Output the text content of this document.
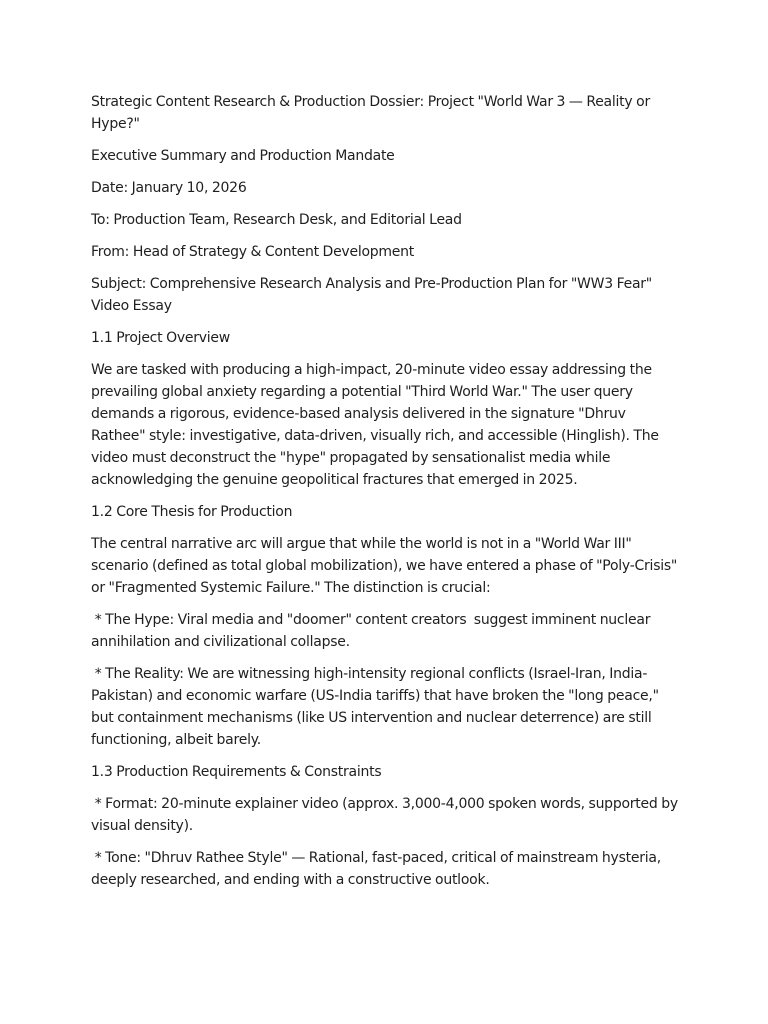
Strategic Content Research & Production Dossier: Project "World War 3 — Reality or Hype?"

Executive Summary and Production Mandate

Date: January 10, 2026

To: Production Team, Research Desk, and Editorial Lead

From: Head of Strategy & Content Development

Subject: Comprehensive Research Analysis and Pre-Production Plan for "WW3 Fear" Video Essay

1.1 Project Overview

We are tasked with producing a high-impact, 20-minute video essay addressing the prevailing global anxiety regarding a potential "Third World War." The user query demands a rigorous, evidence-based analysis delivered in the signature "Dhruv Rathee" style: investigative, data-driven, visually rich, and accessible (Hinglish). The video must deconstruct the "hype" propagated by sensationalist media while acknowledging the genuine geopolitical fractures that emerged in 2025.

1.2 Core Thesis for Production

The central narrative arc will argue that while the world is not in a "World War III" scenario (defined as total global mobilization), we have entered a phase of "Poly-Crisis" or "Fragmented Systemic Failure." The distinction is crucial:

* The Hype: Viral media and "doomer" content creators  suggest imminent nuclear annihilation and civilizational collapse.

* The Reality: We are witnessing high-intensity regional conflicts (Israel-Iran, India-Pakistan) and economic warfare (US-India tariffs) that have broken the "long peace," but containment mechanisms (like US intervention and nuclear deterrence) are still functioning, albeit barely.

1.3 Production Requirements & Constraints

* Format: 20-minute explainer video (approx. 3,000-4,000 spoken words, supported by visual density).

* Tone: "Dhruv Rathee Style" — Rational, fast-paced, critical of mainstream hysteria, deeply researched, and ending with a constructive outlook.
